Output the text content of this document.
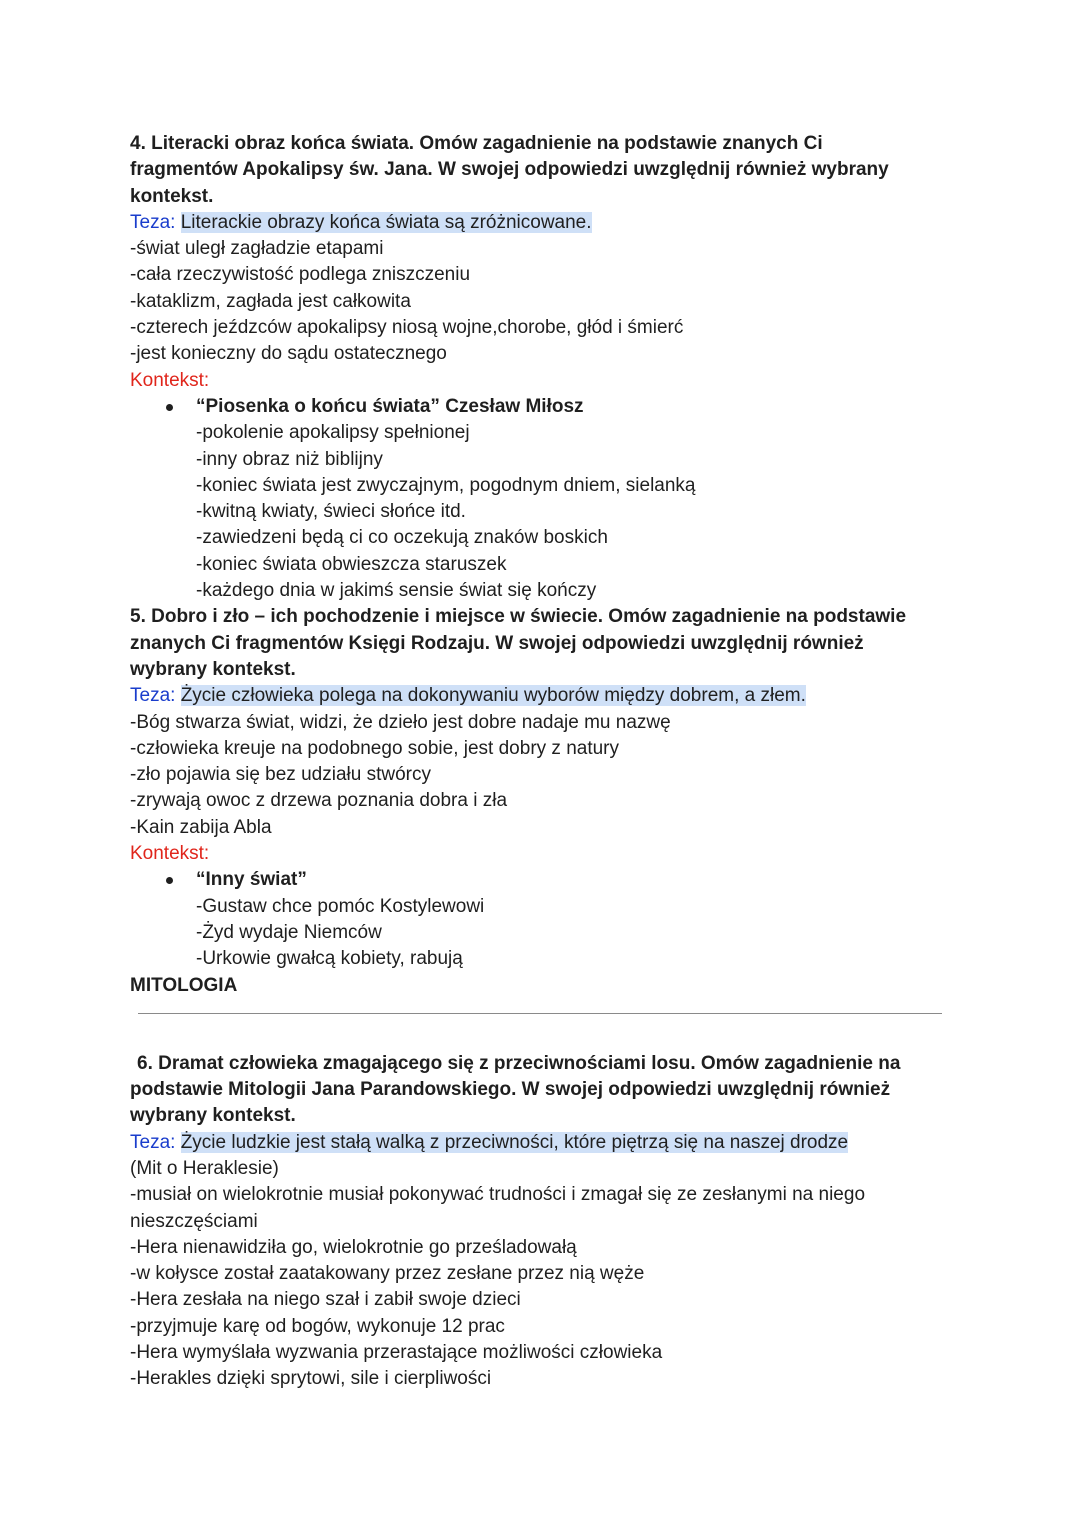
4. Literacki obraz końca świata. Omów zagadnienie na podstawie znanych Ci
fragmentów Apokalipsy św. Jana. W swojej odpowiedzi uwzględnij również wybrany
kontekst.
Teza: Literackie obrazy końca świata są zróżnicowane.
-świat uległ zagładzie etapami
-cała rzeczywistość podlega zniszczeniu
-kataklizm, zagłada jest całkowita
-czterech jeźdzców apokalipsy niosą wojne,chorobe, głód i śmierć
-jest konieczny do sądu ostatecznego
Kontekst:
“Piosenka o końcu świata” Czesław Miłosz
-pokolenie apokalipsy spełnionej
-inny obraz niż biblijny
-koniec świata jest zwyczajnym, pogodnym dniem, sielanką
-kwitną kwiaty, świeci słońce itd.
-zawiedzeni będą ci co oczekują znaków boskich
-koniec świata obwieszcza staruszek
-każdego dnia w jakimś sensie świat się kończy
5. Dobro i zło – ich pochodzenie i miejsce w świecie. Omów zagadnienie na podstawie
znanych Ci fragmentów Księgi Rodzaju. W swojej odpowiedzi uwzględnij również
wybrany kontekst.
Teza: Życie człowieka polega na dokonywaniu wyborów między dobrem, a złem.
-Bóg stwarza świat, widzi, że dzieło jest dobre nadaje mu nazwę
-człowieka kreuje na podobnego sobie, jest dobry z natury
-zło pojawia się bez udziału stwórcy
-zrywają owoc z drzewa poznania dobra i zła
-Kain zabija Abla
Kontekst:
“Inny świat”
-Gustaw chce pomóc Kostylewowi
-Żyd wydaje Niemców
-Urkowie gwałcą kobiety, rabują
MITOLOGIA
6. Dramat człowieka zmagającego się z przeciwnościami losu. Omów zagadnienie na
podstawie Mitologii Jana Parandowskiego. W swojej odpowiedzi uwzględnij również
wybrany kontekst.
Teza: Życie ludzkie jest stałą walką z przeciwności, które piętrzą się na naszej drodze
(Mit o Heraklesie)
-musiał on wielokrotnie musiał pokonywać trudności i zmagał się ze zesłanymi na niego
nieszczęściami
-Hera nienawidziła go, wielokrotnie go prześladowałą
-w kołysce został zaatakowany przez zesłane przez nią węże
-Hera zesłała na niego szał i zabił swoje dzieci
-przyjmuje karę od bogów, wykonuje 12 prac
-Hera wymyślała wyzwania przerastające możliwości człowieka
-Herakles dzięki sprytowi, sile i cierpliwości
